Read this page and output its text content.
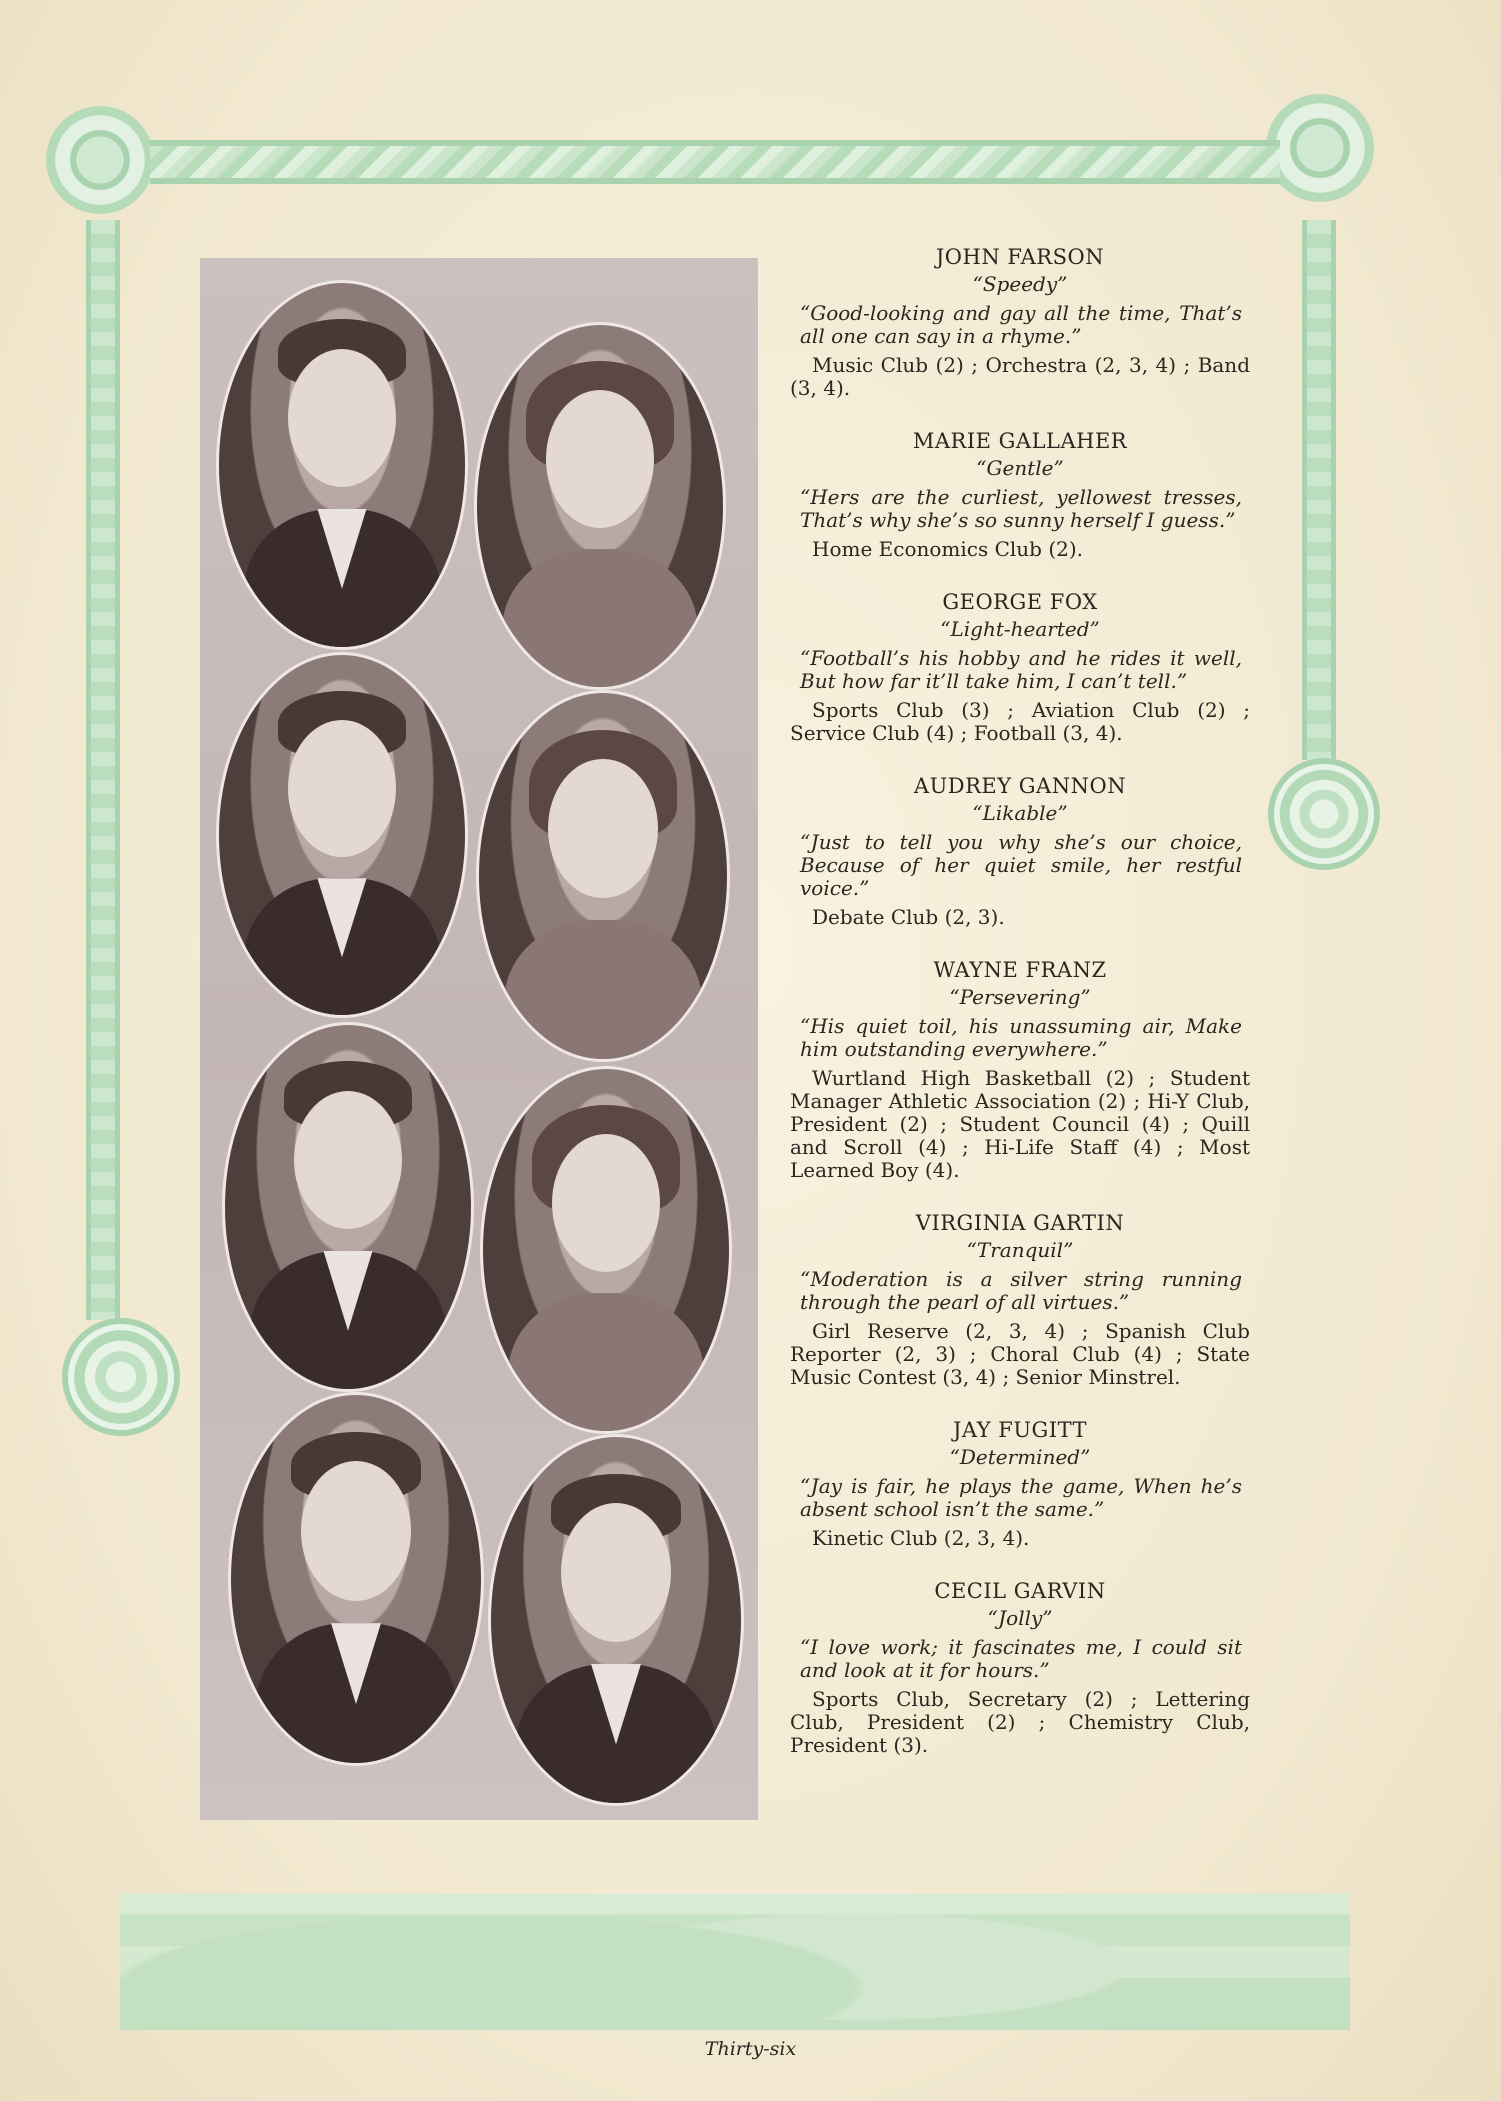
JOHN FARSON
“Speedy”
“Good-looking and gay all the time, That’s all one can say in a rhyme.”
Music Club (2) ; Orchestra (2, 3, 4) ; Band (3, 4).
MARIE GALLAHER
“Gentle”
“Hers are the curliest, yellowest tresses, That’s why she’s so sunny herself I guess.”
Home Economics Club (2).
GEORGE FOX
“Light-hearted”
“Football’s his hobby and he rides it well, But how far it’ll take him, I can’t tell.”
Sports Club (3) ; Aviation Club (2) ; Service Club (4) ; Football (3, 4).
AUDREY GANNON
“Likable”
“Just to tell you why she’s our choice, Because of her quiet smile, her restful voice.”
Debate Club (2, 3).
WAYNE FRANZ
“Persevering”
“His quiet toil, his unassuming air, Make him outstanding everywhere.”
Wurtland High Basketball (2) ; Student Manager Athletic Association (2) ; Hi-Y Club, President (2) ; Student Council (4) ; Quill and Scroll (4) ; Hi-Life Staff (4) ; Most Learned Boy (4).
VIRGINIA GARTIN
“Tranquil”
“Moderation is a silver string running through the pearl of all virtues.”
Girl Reserve (2, 3, 4) ; Spanish Club Reporter (2, 3) ; Choral Club (4) ; State Music Contest (3, 4) ; Senior Minstrel.
JAY FUGITT
“Determined”
“Jay is fair, he plays the game, When he’s absent school isn’t the same.”
Kinetic Club (2, 3, 4).
CECIL GARVIN
“Jolly”
“I love work; it fascinates me, I could sit and look at it for hours.”
Sports Club, Secretary (2) ; Lettering Club, President (2) ; Chemistry Club, President (3).
Thirty-six
